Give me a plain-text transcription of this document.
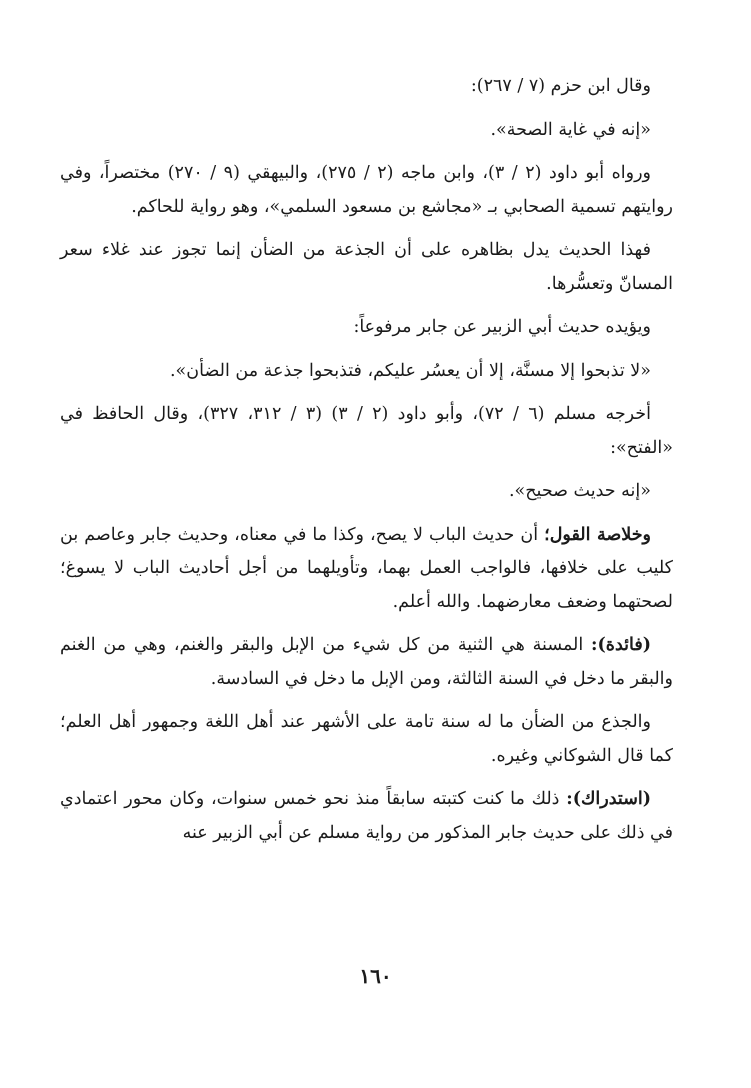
وقال ابن حزم (٧ / ٢٦٧):

«إنه في غاية الصحة».

ورواه أبو داود (٢ / ٣)، وابن ماجه (٢ / ٢٧٥)، والبيهقي (٩ / ٢٧٠) مختصراً، وفي روايتهم تسمية الصحابي بـ «مجاشع بن مسعود السلمي»، وهو رواية للحاكم.

فهذا الحديث يدل بظاهره على أن الجذعة من الضأن إنما تجوز عند غلاء سعر المسانّ وتعسُّرها.

ويؤيده حديث أبي الزبير عن جابر مرفوعاً:

«لا تذبحوا إلا مسنَّة، إلا أن يعسُر عليكم، فتذبحوا جذعة من الضأن».

أخرجه مسلم (٦ / ٧٢)، وأبو داود (٢ / ٣) (٣ / ٣١٢، ٣٢٧)، وقال الحافظ في «الفتح»:

«إنه حديث صحيح».

وخلاصة القول؛ أن حديث الباب لا يصح، وكذا ما في معناه، وحديث جابر وعاصم بن كليب على خلافها، فالواجب العمل بهما، وتأويلهما من أجل أحاديث الباب لا يسوغ؛ لصحتهما وضعف معارضهما. والله أعلم.

(فائدة): المسنة هي الثنية من كل شيء من الإبل والبقر والغنم، وهي من الغنم والبقر ما دخل في السنة الثالثة، ومن الإبل ما دخل في السادسة.

والجذع من الضأن ما له سنة تامة على الأشهر عند أهل اللغة وجمهور أهل العلم؛ كما قال الشوكاني وغيره.

(استدراك): ذلك ما كنت كتبته سابقاً منذ نحو خمس سنوات، وكان محور اعتمادي في ذلك على حديث جابر المذكور من رواية مسلم عن أبي الزبير عنه

١٦٠
